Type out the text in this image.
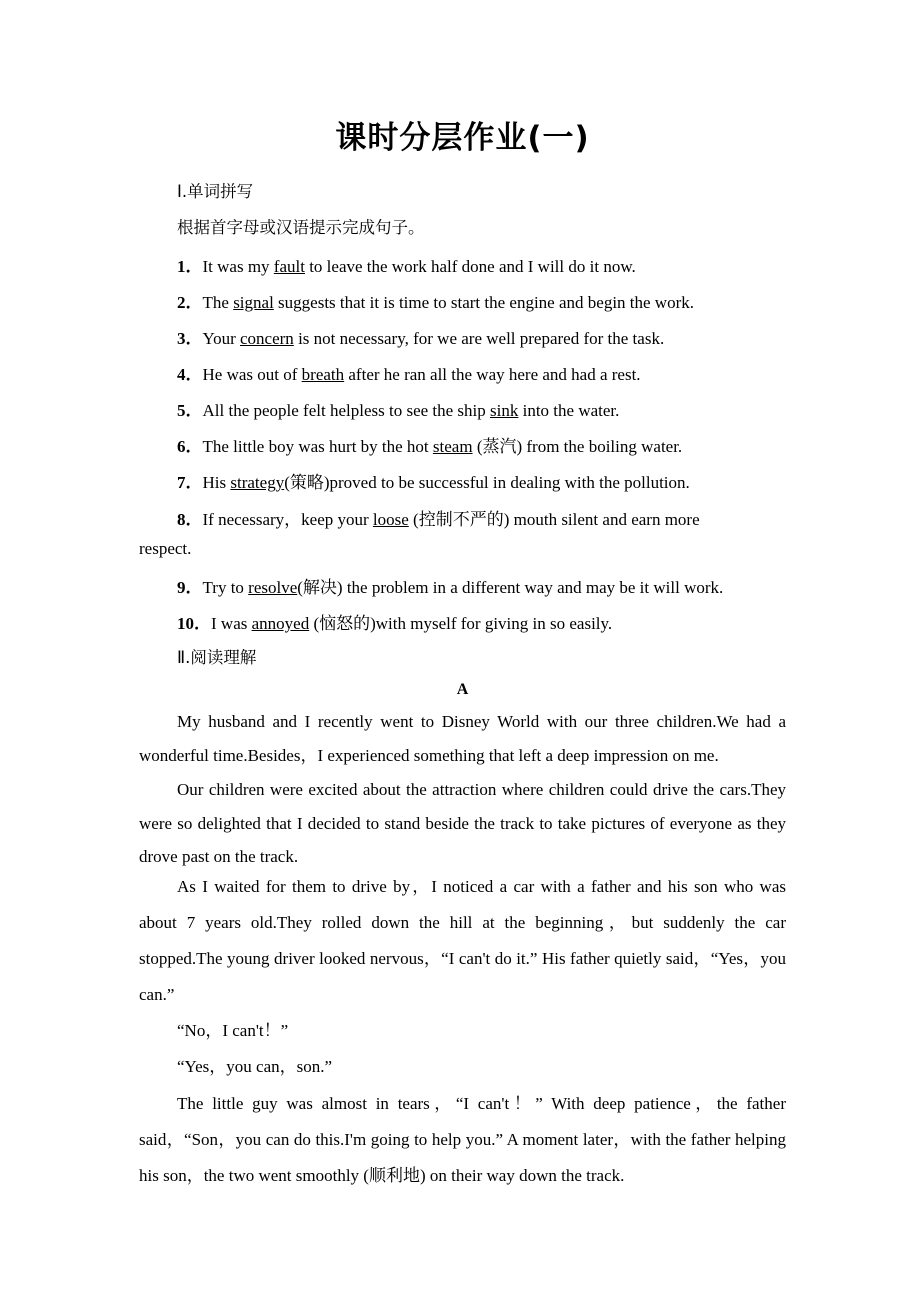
课时分层作业(一)
Ⅰ.单词拼写
根据首字母或汉语提示完成句子。
1．It was my fault to leave the work half done and I will do it now.
2．The signal suggests that it is time to start the engine and begin the work.
3．Your concern is not necessary, for we are well prepared for the task.
4．He was out of breath after he ran all the way here and had a rest.
5．All the people felt helpless to see the ship sink into the water.
6．The little boy was hurt by the hot steam (蒸汽) from the boiling water.
7．His strategy(策略)proved to be successful in dealing with the pollution.
8．If necessary，keep your loose (控制不严的) mouth silent and earn more
respect.
9．Try to resolve(解决) the problem in a different way and may be it will work.
10．I was annoyed (恼怒的)with myself for giving in so easily.
Ⅱ.阅读理解
A
My husband and I recently went to Disney World with our three children.We had a wonderful time.Besides，I experienced something that left a deep impression on me.
Our children were excited about the attraction where children could drive the cars.They were so delighted that I decided to stand beside the track to take pictures of everyone as they drove past on the track.
As I waited for them to drive by，I noticed a car with a father and his son who was about 7 years old.They rolled down the hill at the beginning，but suddenly the car stopped.The young driver looked nervous，“I can't do it.” His father quietly said，“Yes，you can.”
“No，I can't！”
“Yes，you can，son.”
The little guy was almost in tears，“I can't！” With deep patience，the father said，“Son，you can do this.I'm going to help you.” A moment later，with the father helping his son，the two went smoothly (顺利地) on their way down the track.
